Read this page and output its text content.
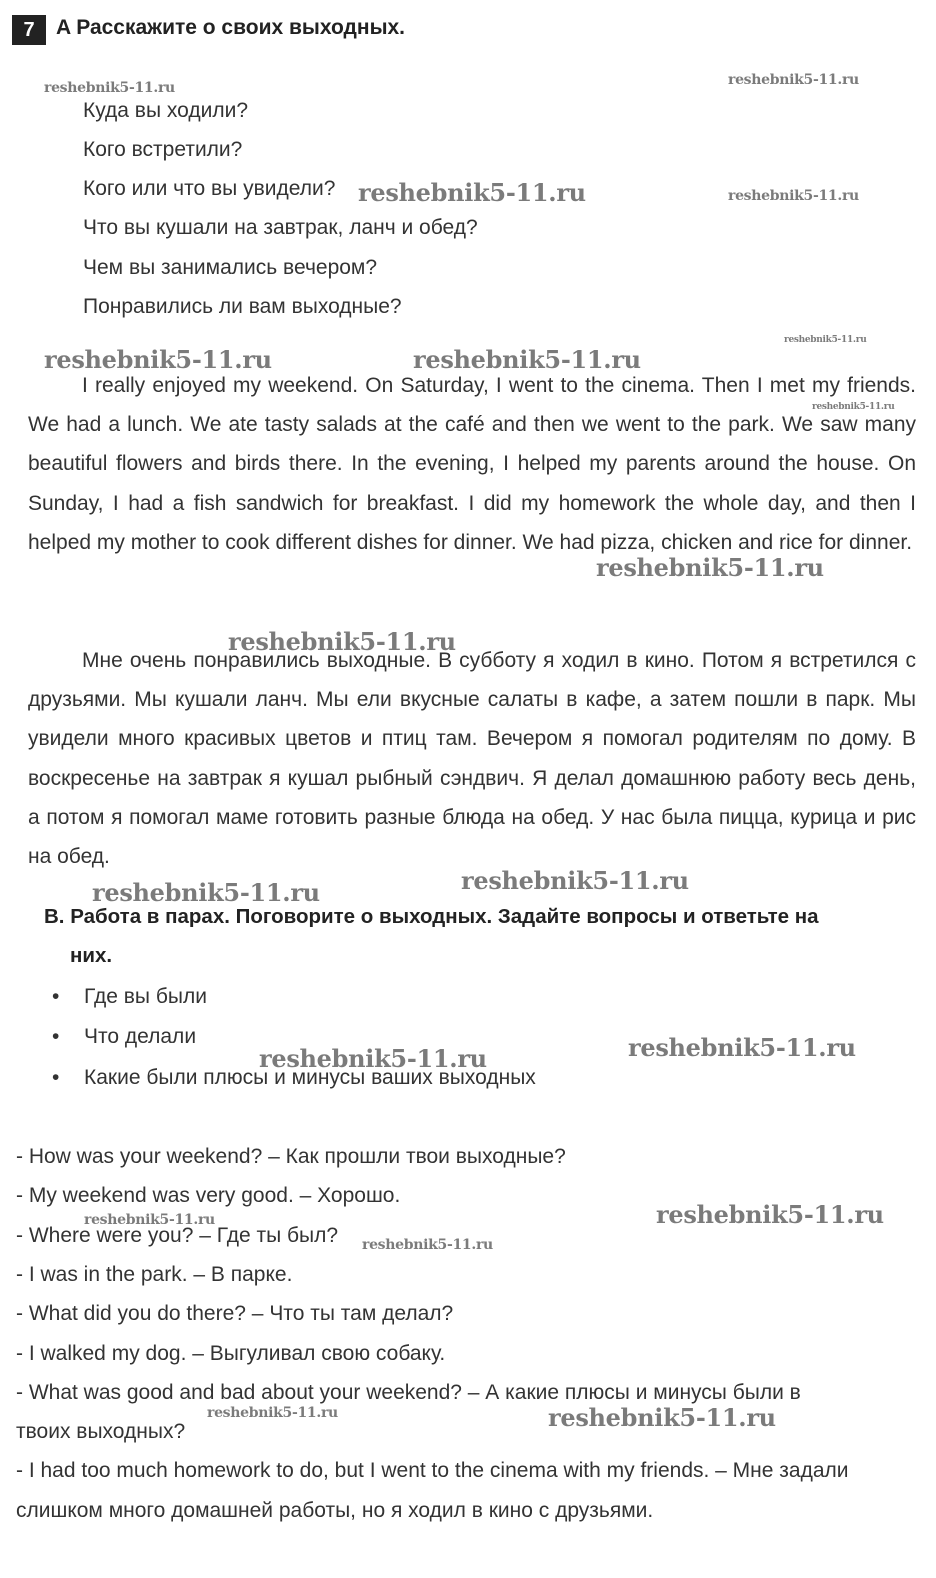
7	A Расскажите о своих выходных.
Куда вы ходили?
Кого встретили?
Кого или что вы увидели?
Что вы кушали на завтрак, ланч и обед?
Чем вы занимались вечером?
Понравились ли вам выходные?

I really enjoyed my weekend. On Saturday, I went to the cinema. Then I met my friends. We had a lunch. We ate tasty salads at the café and then we went to the park. We saw many beautiful flowers and birds there. In the evening, I helped my parents around the house. On Sunday, I had a fish sandwich for breakfast. I did my homework the whole day, and then I helped my mother to cook different dishes for dinner. We had pizza, chicken and rice for dinner.

Мне очень понравились выходные. В субботу я ходил в кино. Потом я встретился с друзьями. Мы кушали ланч. Мы ели вкусные салаты в кафе, а затем пошли в парк. Мы увидели много красивых цветов и птиц там. Вечером я помогал родителям по дому. В воскресенье на завтрак я кушал рыбный сэндвич. Я делал домашнюю работу весь день, а потом я помогал маме готовить разные блюда на обед. У нас была пицца, курица и рис на обед.

B. Работа в парах. Поговорите о выходных. Задайте вопросы и ответьте на
них.

• Где вы были
• Что делали
• Какие были плюсы и минусы ваших выходных
- How was your weekend? – Как прошли твои выходные?
- My weekend was very good. – Хорошо.
- Where were you? – Где ты был?
- I was in the park. – В парке.
- What did you do there? – Что ты там делал?
- I walked my dog. – Выгуливал свою собаку.
- What was good and bad about your weekend? – А какие плюсы и минусы были в
твоих выходных?
- I had too much homework to do, but I went to the cinema with my friends. – Мне задали
слишком много домашней работы, но я ходил в кино с друзьями.
reshebnik5-11.ru	reshebnik5-11.ru
reshebnik5-11.ru	reshebnik5-11.ru
reshebnik5-11.ru
reshebnik5-11.ru	reshebnik5-11.ru
reshebnik5-11.ru
reshebnik5-11.ru
reshebnik5-11.ru
reshebnik5-11.ru
reshebnik5-11.ru
reshebnik5-11.ru
reshebnik5-11.ru
reshebnik5-11.ru
reshebnik5-11.ru
reshebnik5-11.ru
reshebnik5-11.ru	reshebnik5-11.ru
